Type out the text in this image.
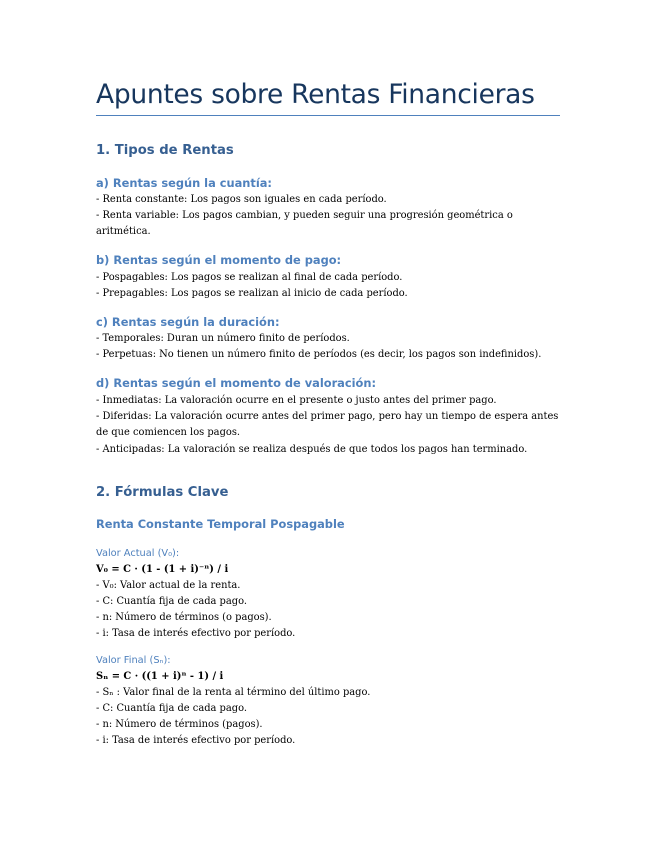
Apuntes sobre Rentas Financieras
1. Tipos de Rentas
a) Rentas según la cuantía:
- Renta constante: Los pagos son iguales en cada período.
- Renta variable: Los pagos cambian, y pueden seguir una progresión geométrica o aritmética.
b) Rentas según el momento de pago:
- Pospagables: Los pagos se realizan al final de cada período.
- Prepagables: Los pagos se realizan al inicio de cada período.
c) Rentas según la duración:
- Temporales: Duran un número finito de períodos.
- Perpetuas: No tienen un número finito de períodos (es decir, los pagos son indefinidos).
d) Rentas según el momento de valoración:
- Inmediatas: La valoración ocurre en el presente o justo antes del primer pago.
- Diferidas: La valoración ocurre antes del primer pago, pero hay un tiempo de espera antes de que comiencen los pagos.
- Anticipadas: La valoración se realiza después de que todos los pagos han terminado.
2. Fórmulas Clave
Renta Constante Temporal Pospagable
Valor Actual (V₀):
V₀ = C · (1 - (1 + i)⁻ⁿ) / i
- V₀: Valor actual de la renta.
- C: Cuantía fija de cada pago.
- n: Número de términos (o pagos).
- i: Tasa de interés efectivo por período.
Valor Final (Sₙ):
Sₙ = C · ((1 + i)ⁿ - 1) / i
- Sₙ : Valor final de la renta al término del último pago.
- C: Cuantía fija de cada pago.
- n: Número de términos (pagos).
- i: Tasa de interés efectivo por período.
